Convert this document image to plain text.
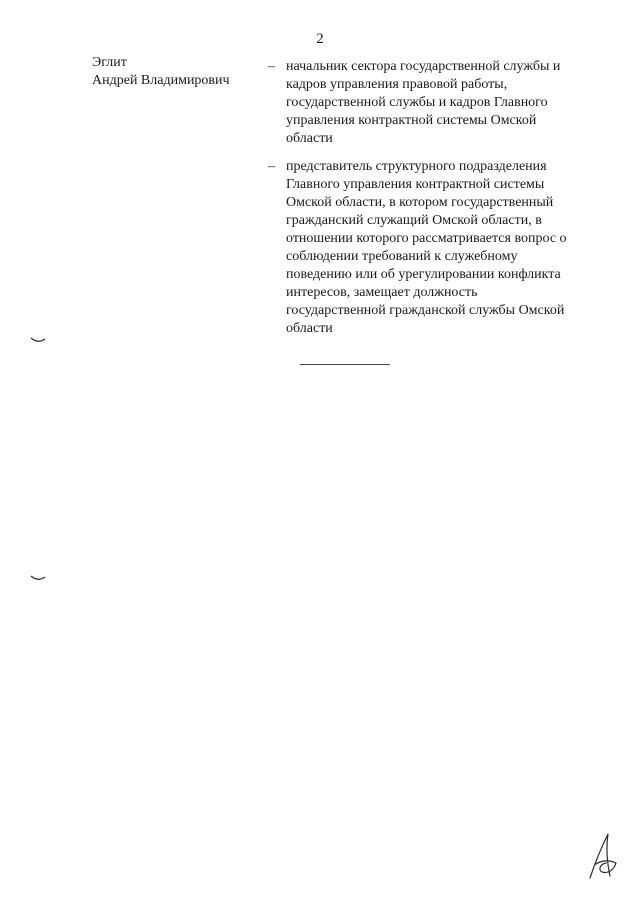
2
Эглит
Андрей Владимирович
– начальник сектора государственной службы и
кадров управления правовой работы,
государственной службы и кадров Главного
управления контрактной системы Омской
области
– представитель структурного подразделения
Главного управления контрактной системы
Омской области, в котором государственный
гражданский служащий Омской области, в
отношении которого рассматривается вопрос о
соблюдении требований к служебному
поведению или об урегулировании конфликта
интересов, замещает должность
государственной гражданской службы Омской
области
